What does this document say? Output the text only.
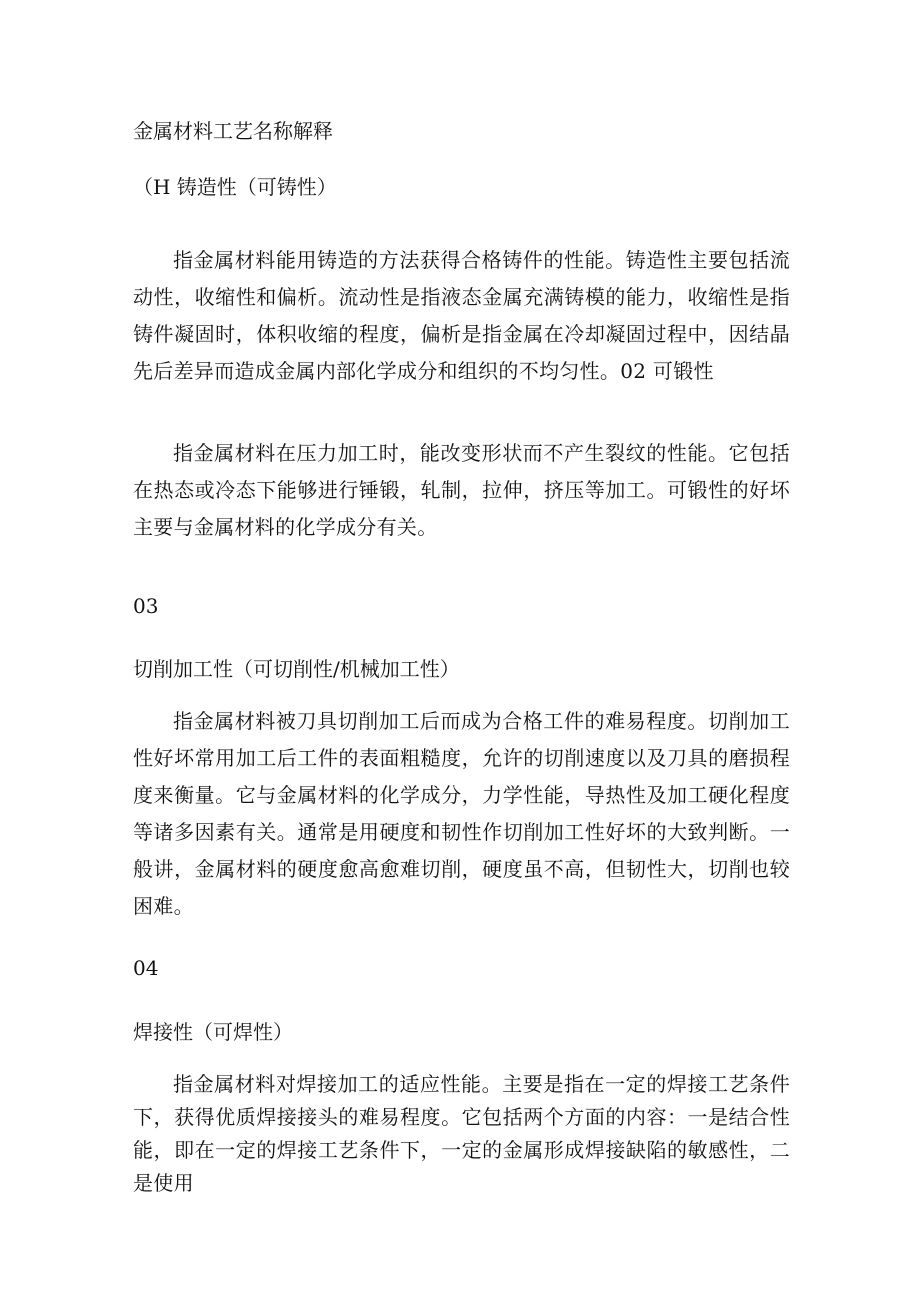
金属材料工艺名称解释
（H 铸造性（可铸性）
指金属材料能用铸造的方法获得合格铸件的性能。铸造性主要包括流动性，收缩性和偏析。流动性是指液态金属充满铸模的能力，收缩性是指铸件凝固时，体积收缩的程度，偏析是指金属在冷却凝固过程中，因结晶先后差异而造成金属内部化学成分和组织的不均匀性。02 可锻性
指金属材料在压力加工时，能改变形状而不产生裂纹的性能。它包括在热态或冷态下能够进行锤锻，轧制，拉伸，挤压等加工。可锻性的好坏主要与金属材料的化学成分有关。
03
切削加工性（可切削性/机械加工性）
指金属材料被刀具切削加工后而成为合格工件的难易程度。切削加工性好坏常用加工后工件的表面粗糙度，允许的切削速度以及刀具的磨损程度来衡量。它与金属材料的化学成分，力学性能，导热性及加工硬化程度等诸多因素有关。通常是用硬度和韧性作切削加工性好坏的大致判断。一般讲，金属材料的硬度愈高愈难切削，硬度虽不高，但韧性大，切削也较困难。
04
焊接性（可焊性）
指金属材料对焊接加工的适应性能。主要是指在一定的焊接工艺条件下，获得优质焊接接头的难易程度。它包括两个方面的内容：一是结合性能，即在一定的焊接工艺条件下，一定的金属形成焊接缺陷的敏感性，二是使用
